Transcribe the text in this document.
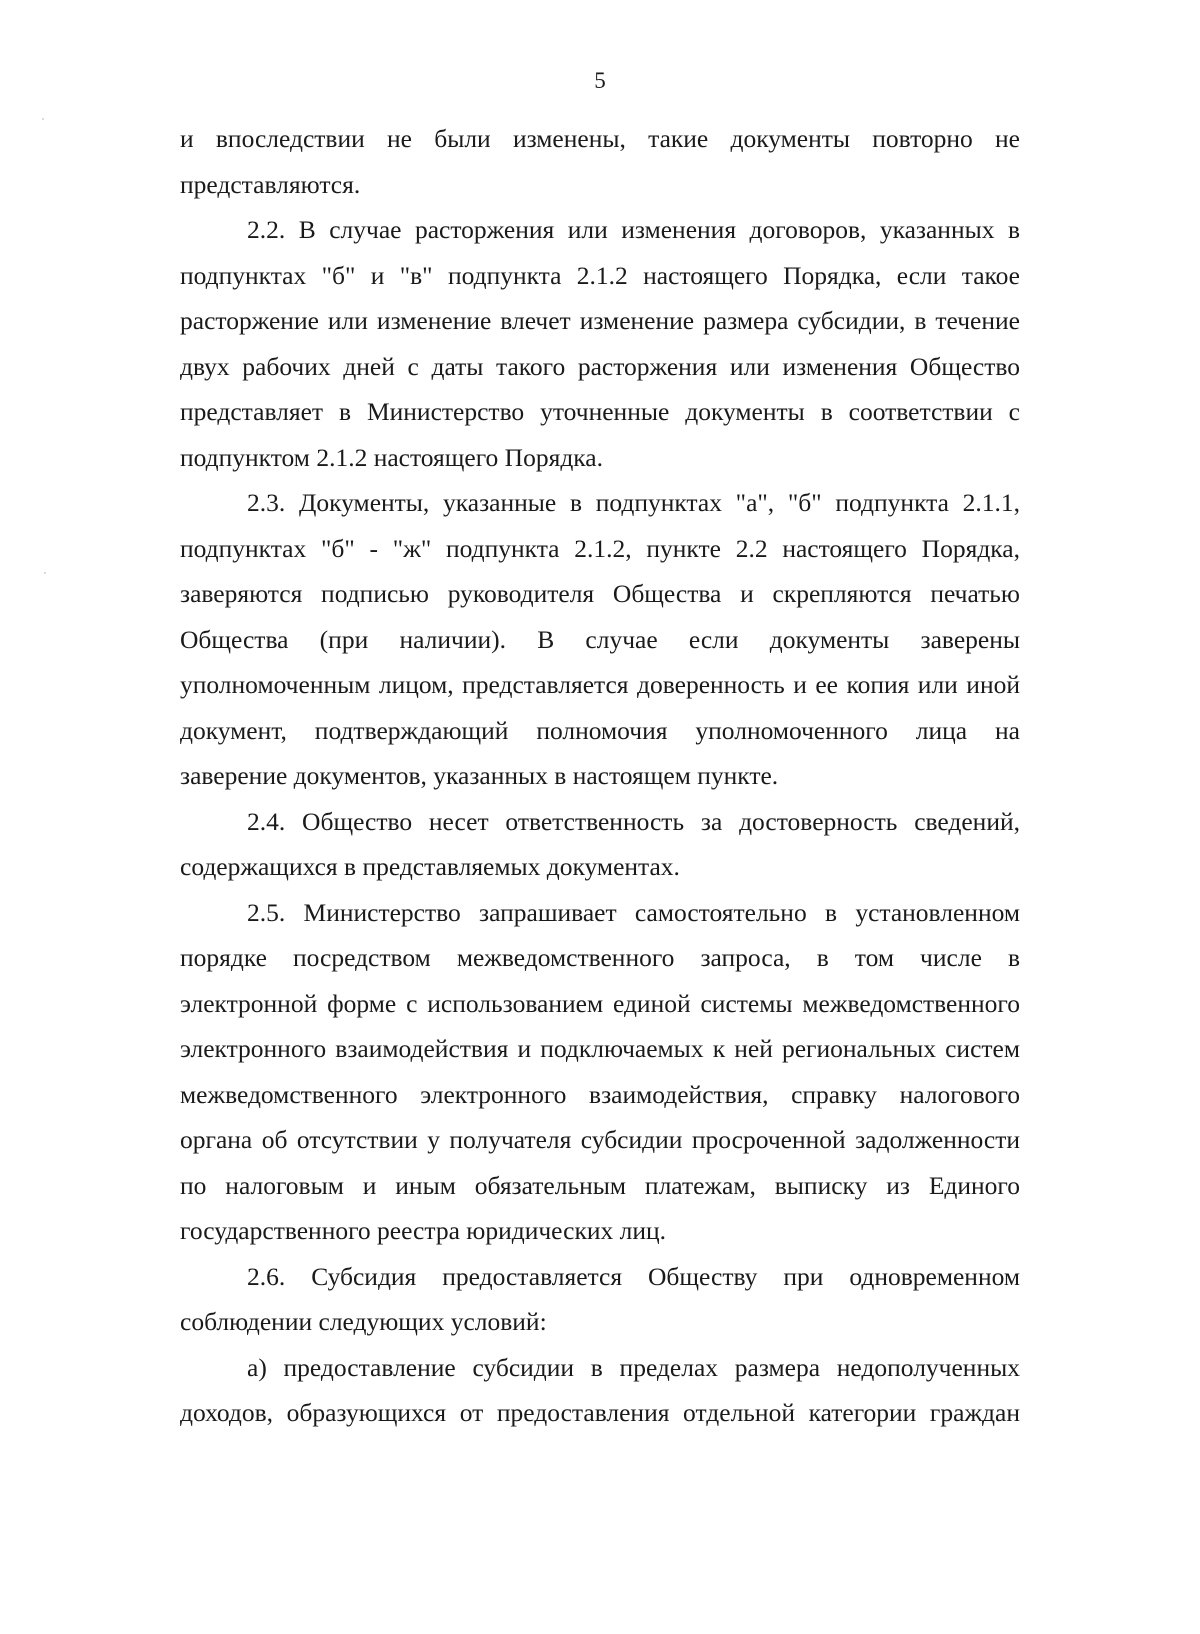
5

и впоследствии не были изменены, такие документы повторно не представляются.

2.2. В случае расторжения или изменения договоров, указанных в подпунктах "б" и "в" подпункта 2.1.2 настоящего Порядка, если такое расторжение или изменение влечет изменение размера субсидии, в течение двух рабочих дней с даты такого расторжения или изменения Общество представляет в Министерство уточненные документы в соответствии с подпунктом 2.1.2 настоящего Порядка.

2.3. Документы, указанные в подпунктах "а", "б" подпункта 2.1.1, подпунктах "б" - "ж" подпункта 2.1.2, пункте 2.2 настоящего Порядка, заверяются подписью руководителя Общества и скрепляются печатью Общества (при наличии). В случае если документы заверены уполномоченным лицом, представляется доверенность и ее копия или иной документ, подтверждающий полномочия уполномоченного лица на заверение документов, указанных в настоящем пункте.

2.4. Общество несет ответственность за достоверность сведений, содержащихся в представляемых документах.

2.5. Министерство запрашивает самостоятельно в установленном порядке посредством межведомственного запроса, в том числе в электронной форме с использованием единой системы межведомственного электронного взаимодействия и подключаемых к ней региональных систем межведомственного электронного взаимодействия, справку налогового органа об отсутствии у получателя субсидии просроченной задолженности по налоговым и иным обязательным платежам, выписку из Единого государственного реестра юридических лиц.

2.6. Субсидия предоставляется Обществу при одновременном соблюдении следующих условий:

а) предоставление субсидии в пределах размера недополученных доходов, образующихся от предоставления отдельной категории граждан
